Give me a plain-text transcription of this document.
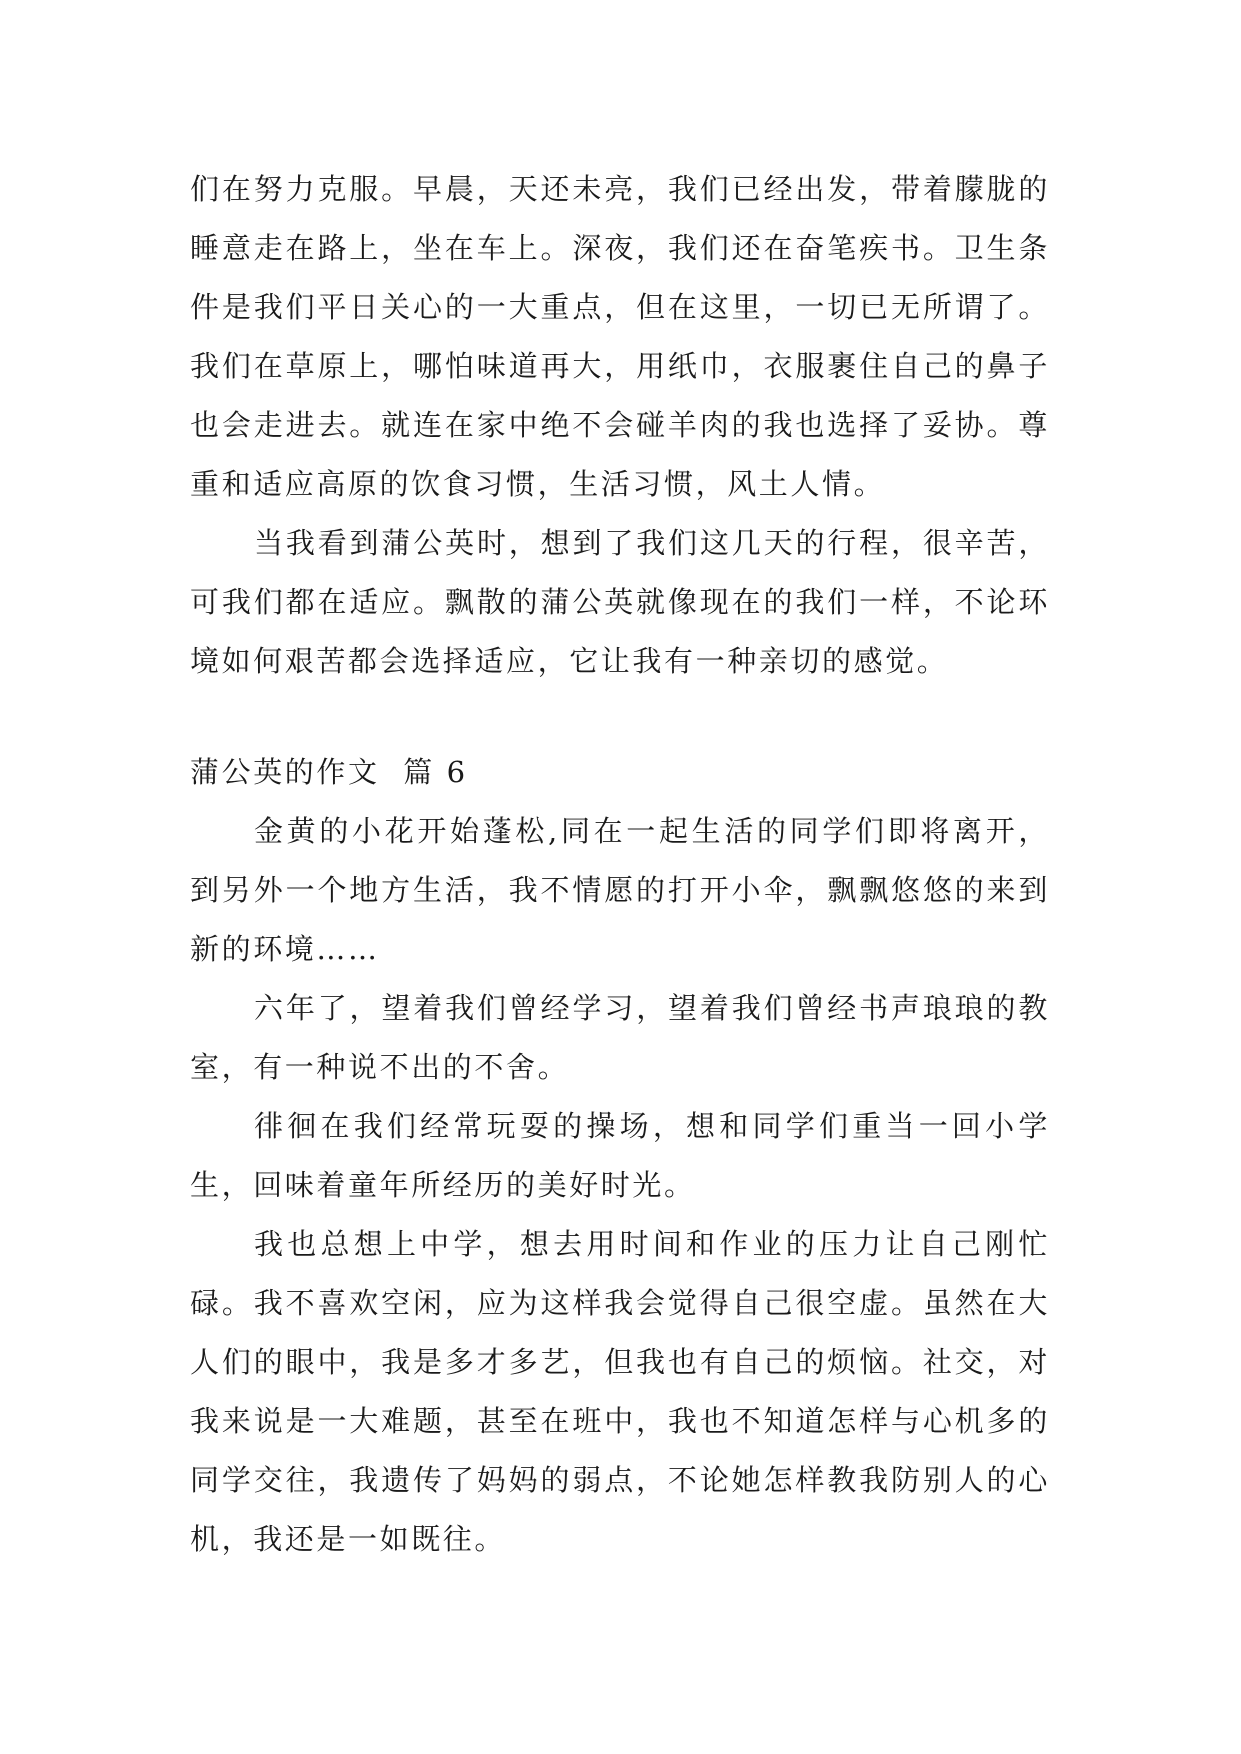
们在努力克服。早晨，天还未亮，我们已经出发，带着朦胧的睡意走在路上，坐在车上。深夜，我们还在奋笔疾书。卫生条件是我们平日关心的一大重点，但在这里，一切已无所谓了。我们在草原上，哪怕味道再大，用纸巾，衣服裹住自己的鼻子也会走进去。就连在家中绝不会碰羊肉的我也选择了妥协。尊重和适应高原的饮食习惯，生活习惯，风土人情。

当我看到蒲公英时，想到了我们这几天的行程，很辛苦，可我们都在适应。飘散的蒲公英就像现在的我们一样，不论环境如何艰苦都会选择适应，它让我有一种亲切的感觉。

蒲公英的作文  篇 6

金黄的小花开始蓬松,同在一起生活的同学们即将离开，到另外一个地方生活，我不情愿的打开小伞，飘飘悠悠的来到新的环境……

六年了，望着我们曾经学习，望着我们曾经书声琅琅的教室，有一种说不出的不舍。

徘徊在我们经常玩耍的操场，想和同学们重当一回小学生，回味着童年所经历的美好时光。

我也总想上中学，想去用时间和作业的压力让自己刚忙碌。我不喜欢空闲，应为这样我会觉得自己很空虚。虽然在大人们的眼中，我是多才多艺，但我也有自己的烦恼。社交，对我来说是一大难题，甚至在班中，我也不知道怎样与心机多的同学交往，我遗传了妈妈的弱点，不论她怎样教我防别人的心机，我还是一如既往。
